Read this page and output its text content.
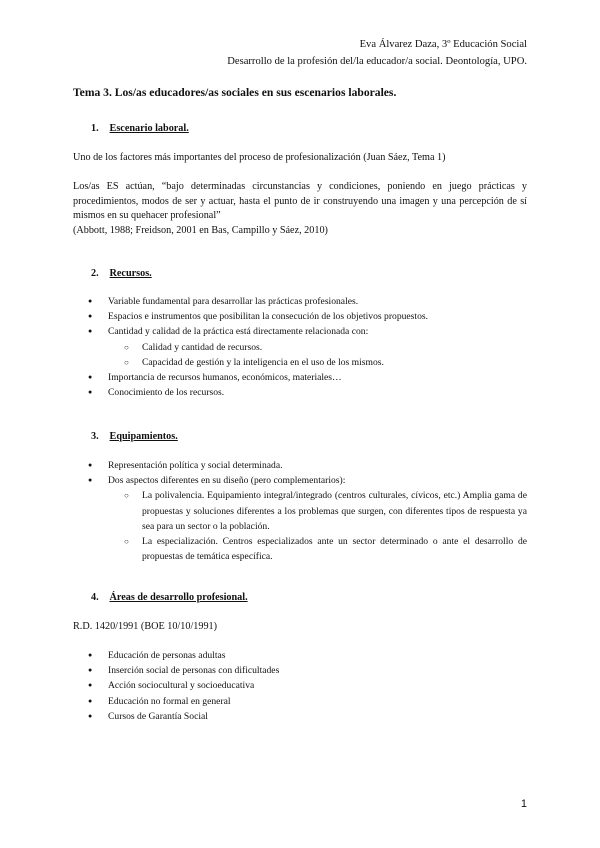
Eva Álvarez Daza, 3º Educación Social
Desarrollo de la profesión del/la educador/a social. Deontología, UPO.
Tema 3. Los/as educadores/as sociales en sus escenarios laborales.
1. Escenario laboral.
Uno de los factores más importantes del proceso de profesionalización (Juan Sáez, Tema 1)
Los/as ES actúan, “bajo determinadas circunstancias y condiciones, poniendo en juego prácticas y procedimientos, modos de ser y actuar, hasta el punto de ir construyendo una imagen y una percepción de sí mismos en su quehacer profesional”
(Abbott, 1988; Freidson, 2001 en Bas, Campillo y Sáez, 2010)
2. Recursos.
● Variable fundamental para desarrollar las prácticas profesionales.
● Espacios e instrumentos que posibilitan la consecución de los objetivos propuestos.
● Cantidad y calidad de la práctica está directamente relacionada con:
○ Calidad y cantidad de recursos.
○ Capacidad de gestión y la inteligencia en el uso de los mismos.
● Importancia de recursos humanos, económicos, materiales…
● Conocimiento de los recursos.
3. Equipamientos.
● Representación política y social determinada.
● Dos aspectos diferentes en su diseño (pero complementarios):
○ La polivalencia. Equipamiento integral/integrado (centros culturales, cívicos, etc.) Amplia gama de propuestas y soluciones diferentes a los problemas que surgen, con diferentes tipos de respuesta ya sea para un sector o la población.
○ La especialización. Centros especializados ante un sector determinado o ante el desarrollo de propuestas de temática específica.
4. Áreas de desarrollo profesional.
R.D. 1420/1991 (BOE 10/10/1991)
● Educación de personas adultas
● Inserción social de personas con dificultades
● Acción sociocultural y socioeducativa
● Educación no formal en general
● Cursos de Garantía Social
1
